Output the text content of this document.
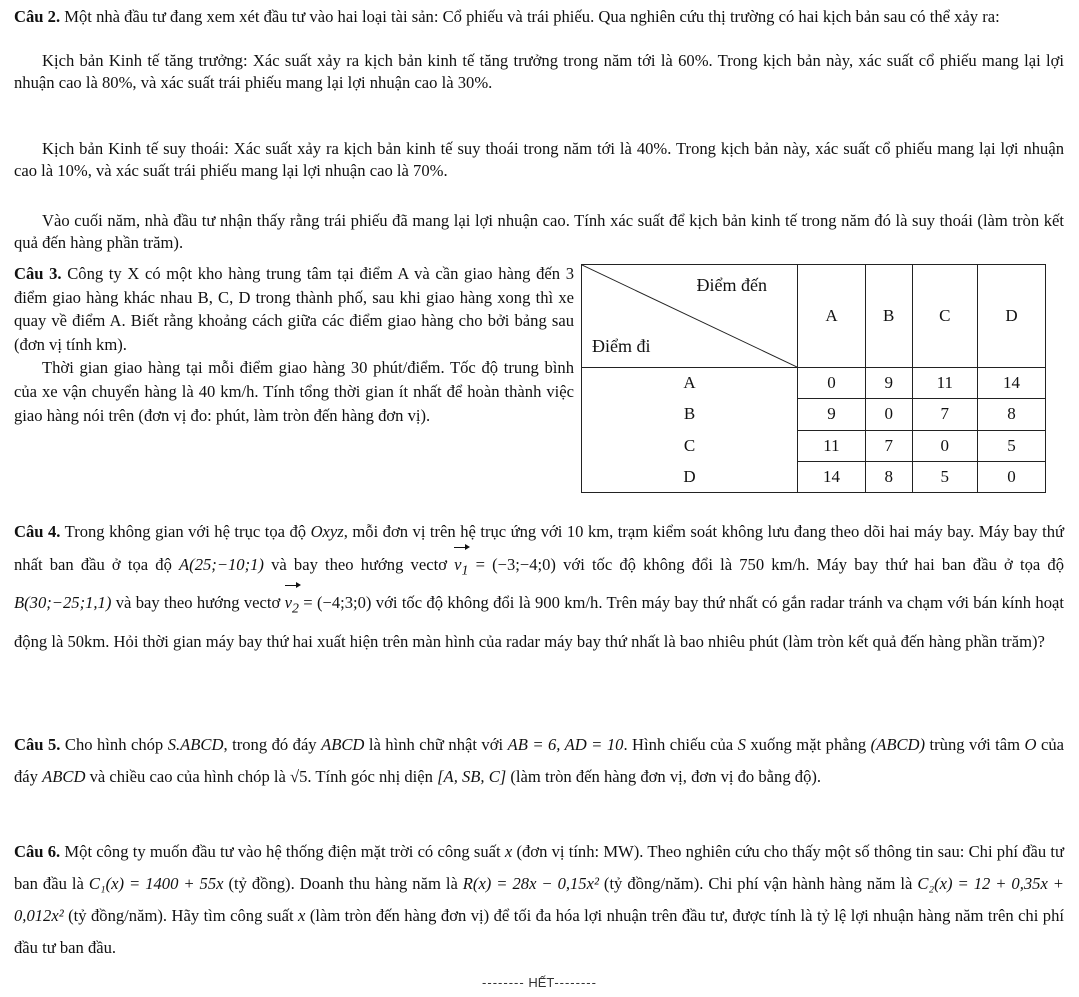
Câu 2. Một nhà đầu tư đang xem xét đầu tư vào hai loại tài sản: Cổ phiếu và trái phiếu. Qua nghiên cứu thị trường có hai kịch bản sau có thể xảy ra:

Kịch bản Kinh tế tăng trưởng: Xác suất xảy ra kịch bản kinh tế tăng trưởng trong năm tới là 60%. Trong kịch bản này, xác suất cổ phiếu mang lại lợi nhuận cao là 80%, và xác suất trái phiếu mang lại lợi nhuận cao là 30%.

Kịch bản Kinh tế suy thoái: Xác suất xảy ra kịch bản kinh tế suy thoái trong năm tới là 40%. Trong kịch bản này, xác suất cổ phiếu mang lại lợi nhuận cao là 10%, và xác suất trái phiếu mang lại lợi nhuận cao là 70%.

Vào cuối năm, nhà đầu tư nhận thấy rằng trái phiếu đã mang lại lợi nhuận cao. Tính xác suất để kịch bản kinh tế trong năm đó là suy thoái (làm tròn kết quả đến hàng phần trăm).

Câu 3. Công ty X có một kho hàng trung tâm tại điểm A và cần giao hàng đến 3 điểm giao hàng khác nhau B, C, D trong thành phố, sau khi giao hàng xong thì xe quay về điểm A. Biết rằng khoảng cách giữa các điểm giao hàng cho bởi bảng sau (đơn vị tính km).
Thời gian giao hàng tại mỗi điểm giao hàng 30 phút/điểm. Tốc độ trung bình của xe vận chuyển hàng là 40 km/h. Tính tổng thời gian ít nhất để hoàn thành việc giao hàng nói trên (đơn vị đo: phút, làm tròn đến hàng đơn vị).
Điểm đến
Điểm đi	A	B	C	D
A	0	9	11	14
B	9	0	7	8
C	11	7	0	5
D	14	8	5	0

Câu 4. Trong không gian với hệ trục tọa độ Oxyz, mỗi đơn vị trên hệ trục ứng với 10 km, trạm kiểm soát không lưu đang theo dõi hai máy bay. Máy bay thứ nhất ban đầu ở tọa độ A(25;−10;1) và bay theo hướng vectơ $v_1$ = (−3;−4;0) với tốc độ không đổi là 750 km/h. Máy bay thứ hai ban đầu ở tọa độ B(30;−25;1,1) và bay theo hướng vectơ $v_2$ = (−4;3;0) với tốc độ không đổi là 900 km/h. Trên máy bay thứ nhất có gắn radar tránh va chạm với bán kính hoạt động là 50km. Hỏi thời gian máy bay thứ hai xuất hiện trên màn hình của radar máy bay thứ nhất là bao nhiêu phút (làm tròn kết quả đến hàng phần trăm)?

Câu 5. Cho hình chóp S.ABCD, trong đó đáy ABCD là hình chữ nhật với AB = 6, AD = 10. Hình chiếu của S xuống mặt phẳng (ABCD) trùng với tâm O của đáy ABCD và chiều cao của hình chóp là √5. Tính góc nhị diện [A, SB, C] (làm tròn đến hàng đơn vị, đơn vị đo bằng độ).

Câu 6. Một công ty muốn đầu tư vào hệ thống điện mặt trời có công suất x (đơn vị tính: MW). Theo nghiên cứu cho thấy một số thông tin sau: Chi phí đầu tư ban đầu là C₁(x) = 1400 + 55x (tỷ đồng). Doanh thu hàng năm là R(x) = 28x − 0,15x² (tỷ đồng/năm). Chi phí vận hành hàng năm là C₂(x) = 12 + 0,35x + 0,012x² (tỷ đồng/năm). Hãy tìm công suất x (làm tròn đến hàng đơn vị) để tối đa hóa lợi nhuận trên đầu tư, được tính là tỷ lệ lợi nhuận hàng năm trên chi phí đầu tư ban đầu.

-------- HẾT--------
